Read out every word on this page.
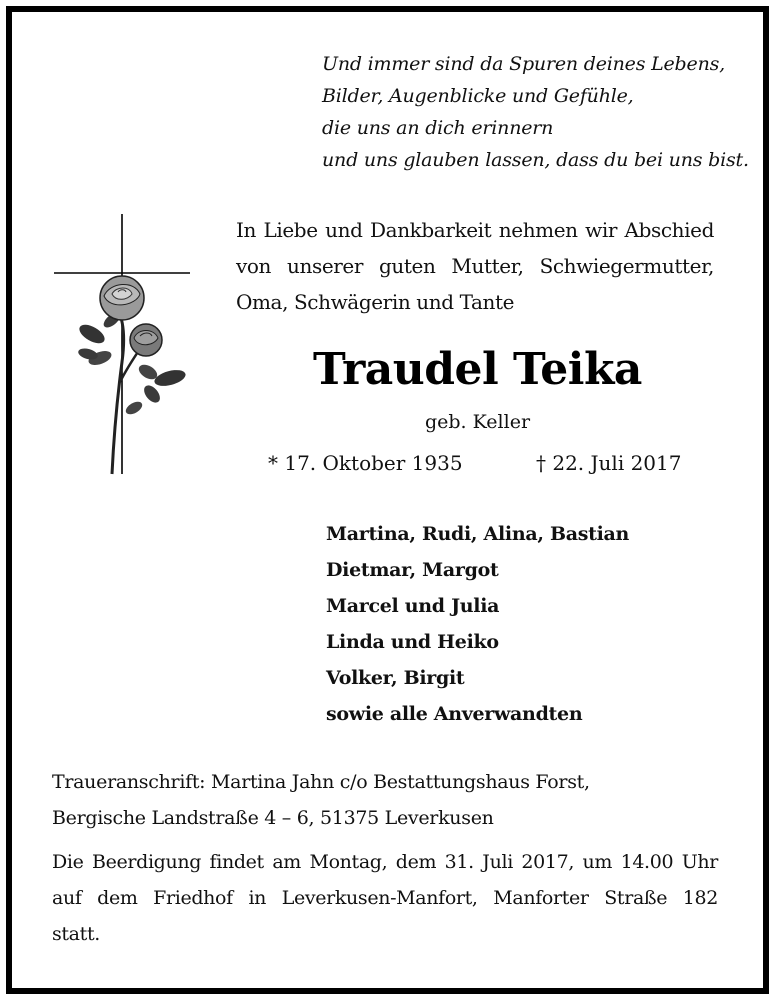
Und immer sind da Spuren deines Lebens,
Bilder, Augenblicke und Gefühle,
die uns an dich erinnern
und uns glauben lassen, dass du bei uns bist.
In Liebe und Dankbarkeit nehmen wir Abschied
von unserer guten Mutter, Schwiegermutter,
Oma, Schwägerin und Tante
Traudel Teika
geb. Keller
* 17. Oktober 1935	† 22. Juli 2017
Martina, Rudi, Alina, Bastian
Dietmar, Margot
Marcel und Julia
Linda und Heiko
Volker, Birgit
sowie alle Anverwandten
Traueranschrift: Martina Jahn c/o Bestattungshaus Forst,
Bergische Landstraße 4 – 6, 51375 Leverkusen
Die Beerdigung findet am Montag, dem 31. Juli 2017, um 14.00 Uhr
auf dem Friedhof in Leverkusen-Manfort, Manforter Straße 182
statt.
